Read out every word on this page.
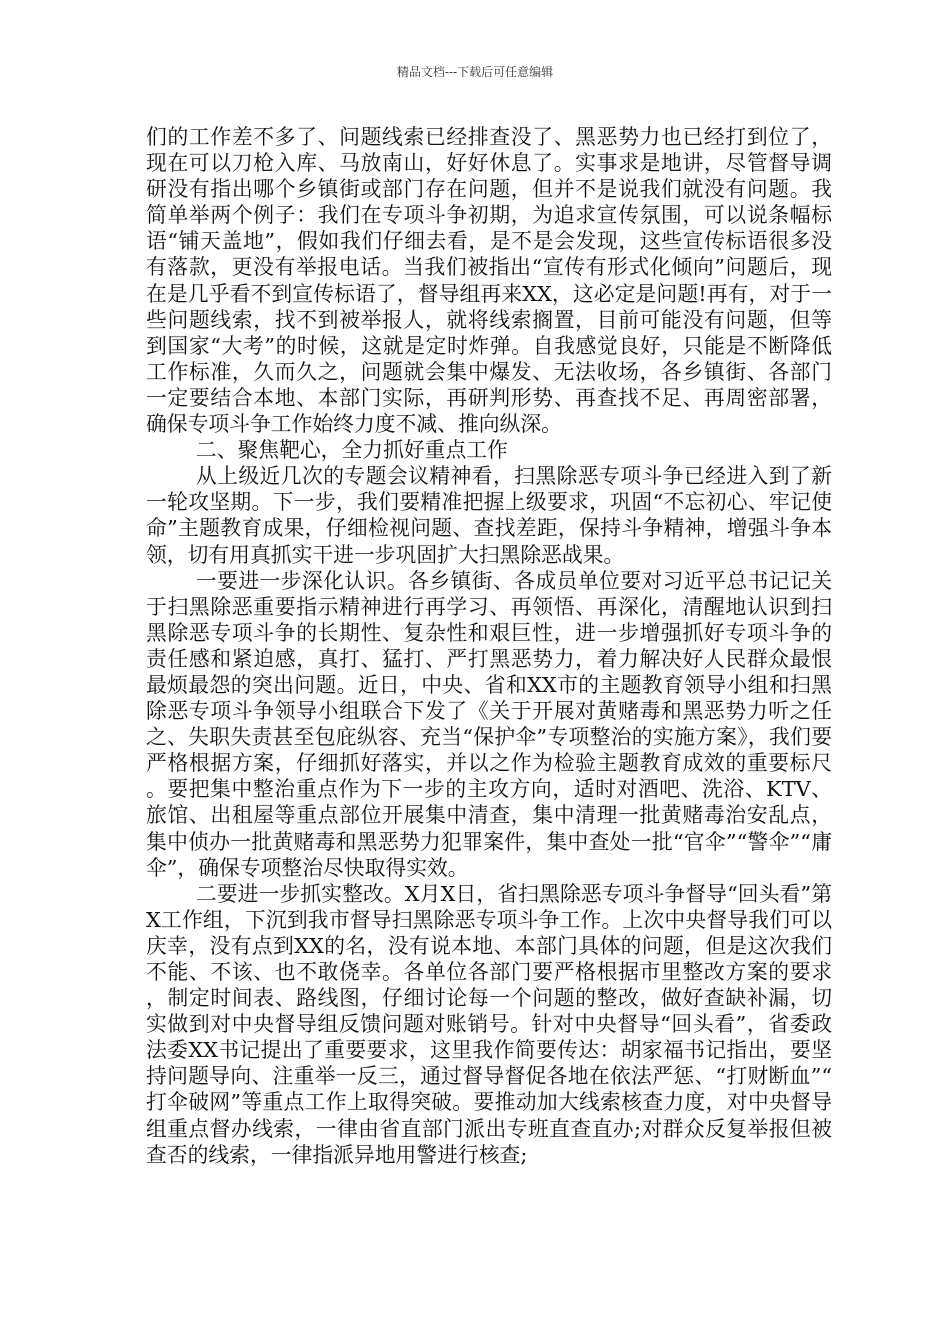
精品文档---下载后可任意编辑

们的工作差不多了、问题线索已经排查没了、黑恶势力也已经打到位了，现在可以刀枪入库、马放南山，好好休息了。实事求是地讲，尽管督导调研没有指出哪个乡镇街或部门存在问题，但并不是说我们就没有问题。我简单举两个例子：我们在专项斗争初期，为追求宣传氛围，可以说条幅标语“铺天盖地”，假如我们仔细去看，是不是会发现，这些宣传标语很多没有落款，更没有举报电话。当我们被指出“宣传有形式化倾向”问题后，现在是几乎看不到宣传标语了，督导组再来XX，这必定是问题!再有，对于一些问题线索，找不到被举报人，就将线索搁置，目前可能没有问题，但等到国家“大考”的时候，这就是定时炸弹。自我感觉良好，只能是不断降低工作标准，久而久之，问题就会集中爆发、无法收场，各乡镇街、各部门一定要结合本地、本部门实际，再研判形势、再查找不足、再周密部署，确保专项斗争工作始终力度不减、推向纵深。

二、聚焦靶心，全力抓好重点工作

从上级近几次的专题会议精神看，扫黑除恶专项斗争已经进入到了新一轮攻坚期。下一步，我们要精准把握上级要求，巩固“不忘初心、牢记使命”主题教育成果，仔细检视问题、查找差距，保持斗争精神，增强斗争本领，切有用真抓实干进一步巩固扩大扫黑除恶战果。

一要进一步深化认识。各乡镇街、各成员单位要对习近平总书记记关于扫黑除恶重要指示精神进行再学习、再领悟、再深化，清醒地认识到扫黑除恶专项斗争的长期性、复杂性和艰巨性，进一步增强抓好专项斗争的责任感和紧迫感，真打、猛打、严打黑恶势力，着力解决好人民群众最恨最烦最怨的突出问题。近日，中央、省和XX市的主题教育领导小组和扫黑除恶专项斗争领导小组联合下发了《关于开展对黄赌毒和黑恶势力听之任之、失职失责甚至包庇纵容、充当“保护伞”专项整治的实施方案》，我们要严格根据方案，仔细抓好落实，并以之作为检验主题教育成效的重要标尺。要把集中整治重点作为下一步的主攻方向，适时对酒吧、洗浴、KTV、旅馆、出租屋等重点部位开展集中清查，集中清理一批黄赌毒治安乱点，集中侦办一批黄赌毒和黑恶势力犯罪案件，集中查处一批“官伞”“警伞”“庸伞”，确保专项整治尽快取得实效。

二要进一步抓实整改。X月X日，省扫黑除恶专项斗争督导“回头看”第X工作组，下沉到我市督导扫黑除恶专项斗争工作。上次中央督导我们可以庆幸，没有点到XX的名，没有说本地、本部门具体的问题，但是这次我们不能、不该、也不敢侥幸。各单位各部门要严格根据市里整改方案的要求，制定时间表、路线图，仔细讨论每一个问题的整改，做好查缺补漏，切实做到对中央督导组反馈问题对账销号。针对中央督导“回头看”，省委政法委XX书记提出了重要要求，这里我作简要传达：胡家福书记指出，要坚持问题导向、注重举一反三，通过督导督促各地在依法严惩、“打财断血”“打伞破网”等重点工作上取得突破。要推动加大线索核查力度，对中央督导组重点督办线索，一律由省直部门派出专班直查直办;对群众反复举报但被查否的线索，一律指派异地用警进行核查;
